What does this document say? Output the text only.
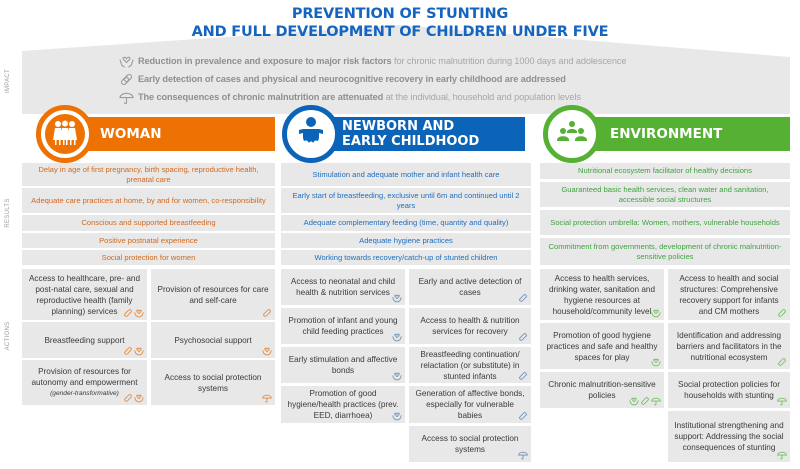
PREVENTION OF STUNTING
AND FULL DEVELOPMENT OF CHILDREN UNDER FIVE
IMPACT
RESULTS
ACTIONS
Reduction in prevalence and exposure to major risk factors for chronic malnutrition during 1000 days and adolescence
Early detection of cases and physical and neurocognitive recovery in early childhood are addressed
The consequences of chronic malnutrition are attenuated at the individual, household and population levels
WOMAN	NEWBORN AND
EARLY CHILDHOOD	ENVIRONMENT
Delay in age of first pregnancy, birth spacing, reproductive health, prenatal care
Adequate care practices at home, by and for women, co-responsibility
Conscious and supported breastfeeding
Positive postnatal experience
Social protection for women
Stimulation and adequate mother and infant health care
Early start of breastfeeding, exclusive until 6m and continued until 2 years
Adequate complementary feeding (time, quantity and quality)
Adequate hygiene practices
Working towards recovery/catch-up of stunted children
Nutritional ecosystem facilitator of healthy decisions
Guaranteed basic health services, clean water and sanitation, accessible social structures
Social protection umbrella: Women, mothers, vulnerable households
Commitment from governments, development of chronic malnutrition- sensitive policies
Access to healthcare, pre- and post-natal care, sexual and reproductive health (family planning) services
Provision of resources for care and self-care
Breastfeeding support	Psychosocial support
Provision of resources for autonomy and empowerment
(gender-transformative)
Access to social protection systems
Access to neonatal and child health & nutrition services
Promotion of infant and young child feeding practices
Early stimulation and affective bonds
Promotion of good hygiene/health practices (prev. EED, diarrhoea)
Early and active detection of cases
Access to health & nutrition services for recovery
Breastfeeding continuation/ relactation (or substitute) in stunted infants
Generation of affective bonds, especially for vulnerable babies
Access to social protection systems
Access to health services, drinking water, sanitation and hygiene resources at household/community level
Promotion of good hygiene practices and safe and healthy spaces for play
Chronic malnutrition-sensitive policies
Access to health and social structures: Comprehensive recovery support for infants and CM mothers
Identification and addressing barriers and facilitators in the nutritional ecosystem
Social protection policies for households with stunting
Institutional strengthening and support: Addressing the social consequences of stunting
